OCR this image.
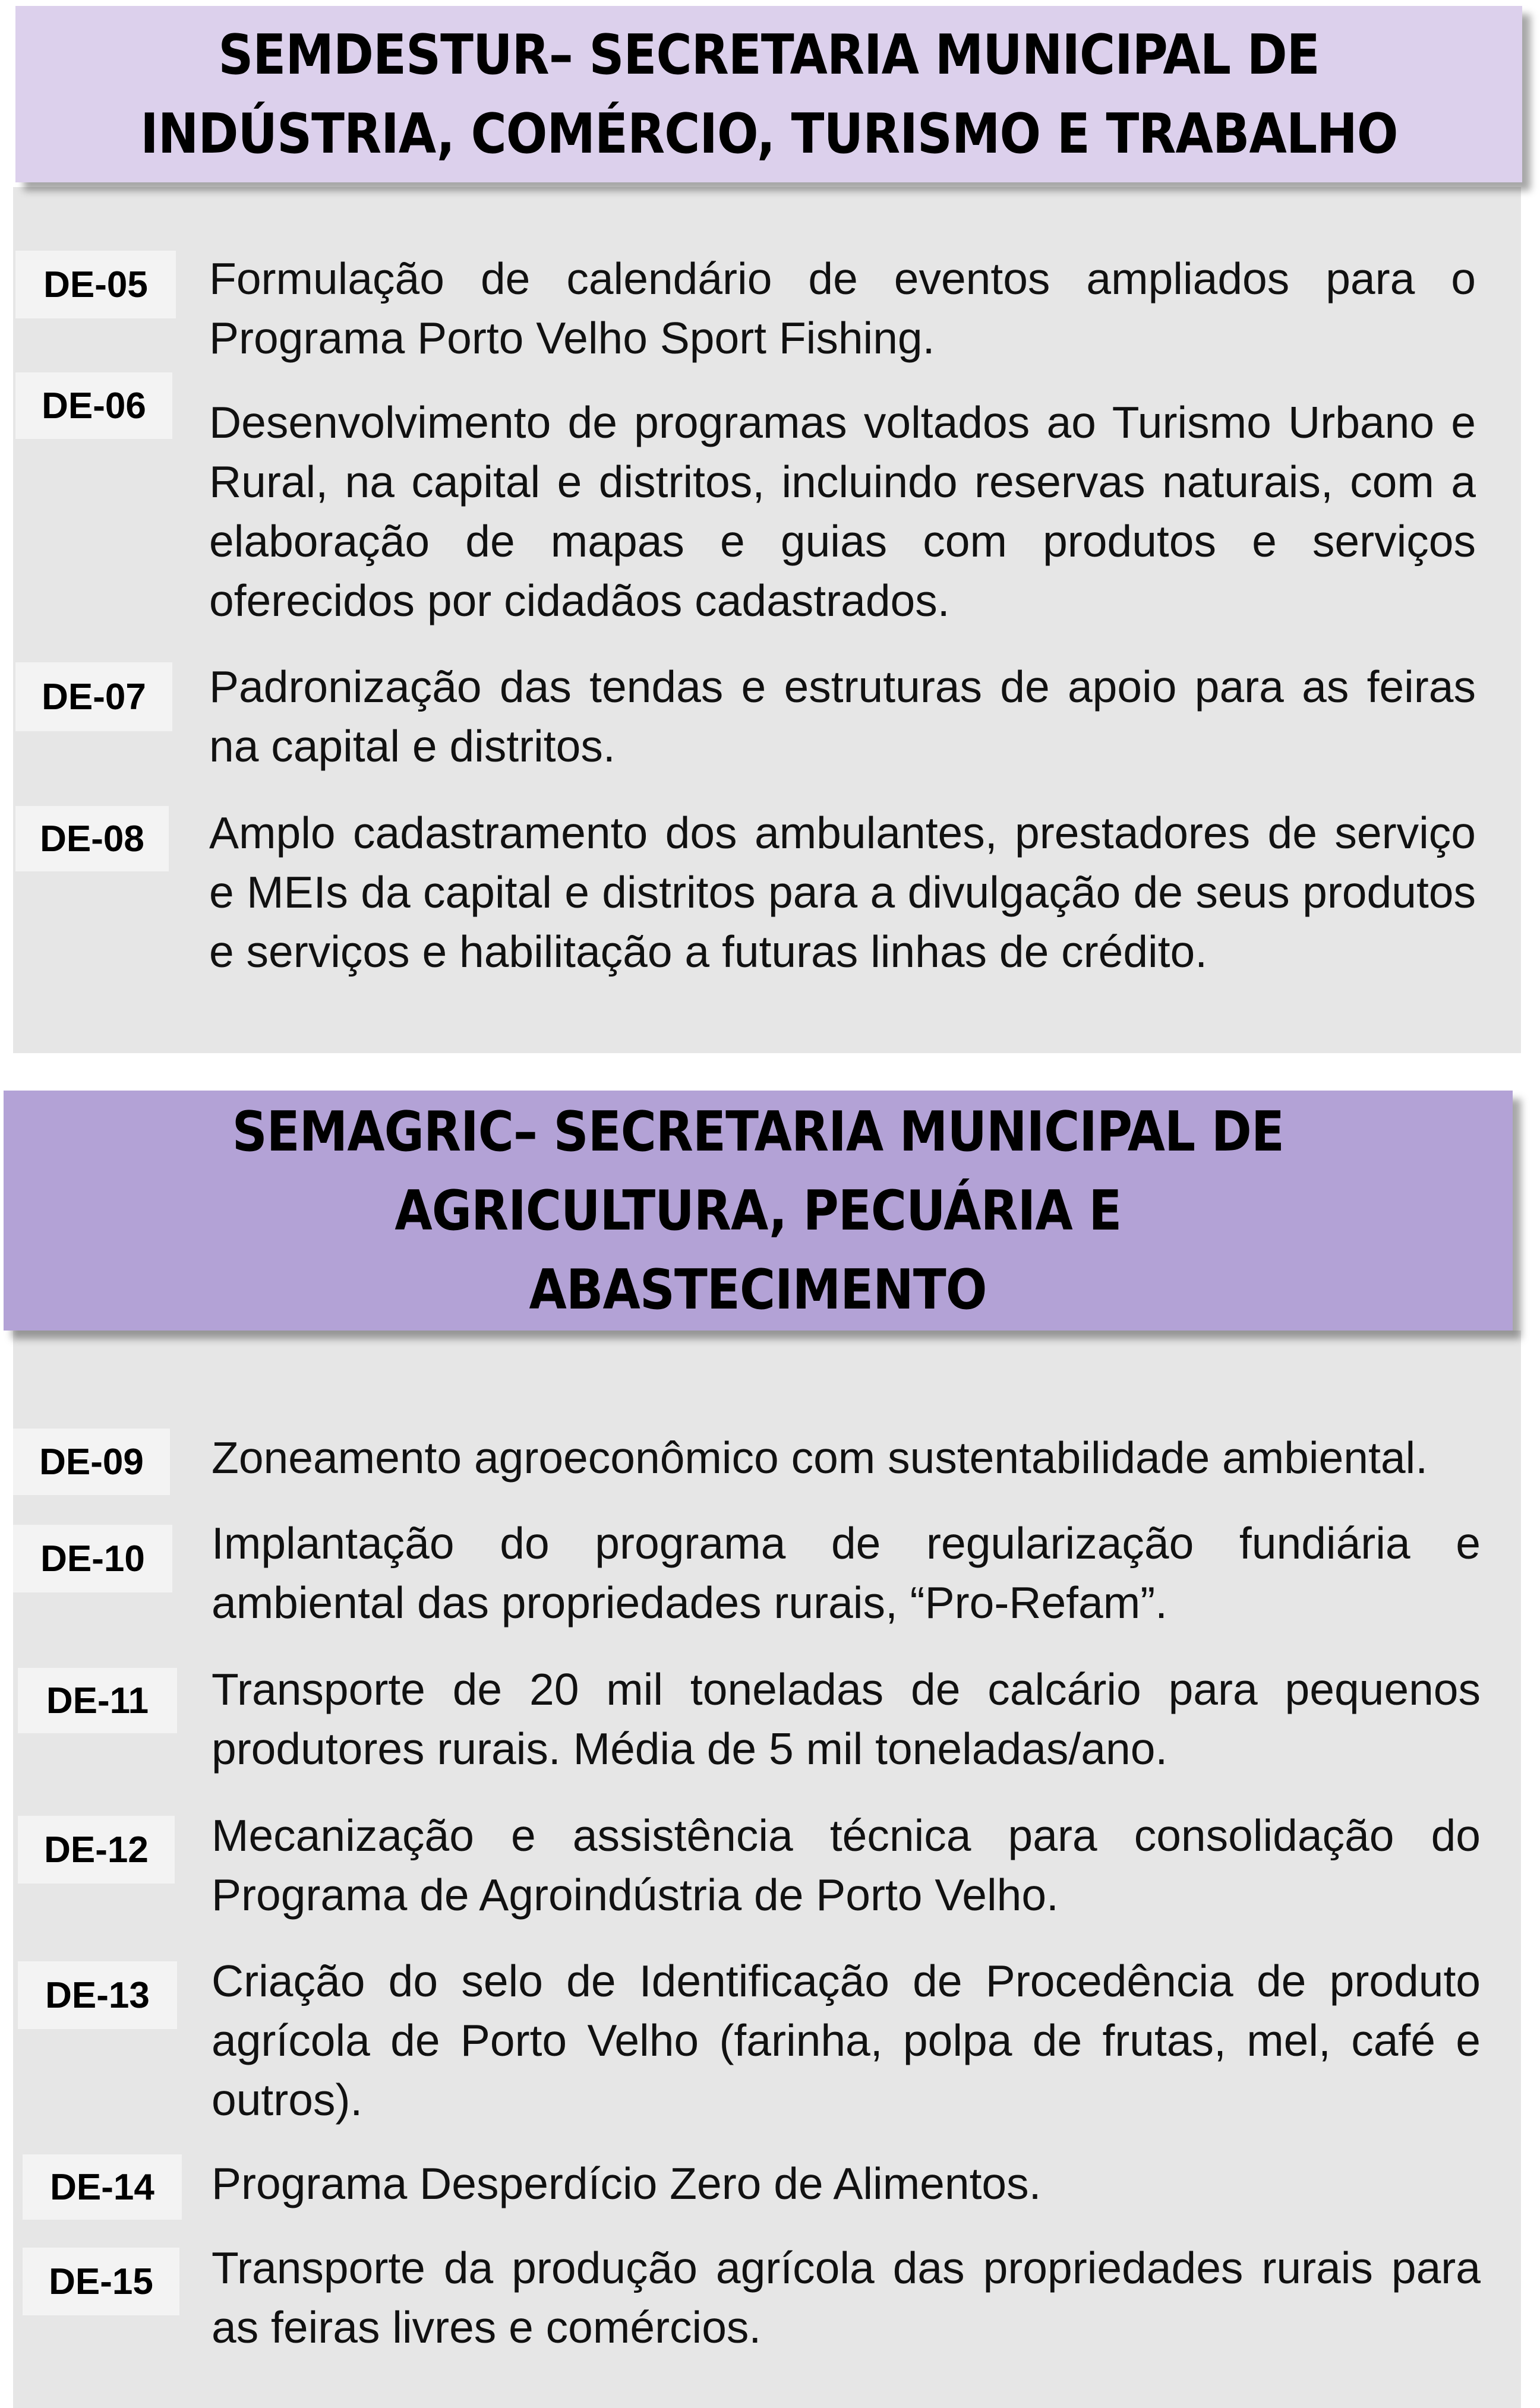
SEMDESTUR– SECRETARIA MUNICIPAL DE
INDÚSTRIA, COMÉRCIO, TURISMO E TRABALHO
DE-05	Formulação de calendário de eventos ampliados para o Programa Porto Velho Sport Fishing.
DE-06	Desenvolvimento de programas voltados ao Turismo Urbano e Rural, na capital e distritos, incluindo reservas naturais, com a elaboração de mapas e guias com produtos e serviços oferecidos por cidadãos cadastrados.
DE-07	Padronização das tendas e estruturas de apoio para as feiras na capital e distritos.
DE-08	Amplo cadastramento dos ambulantes, prestadores de serviço e MEIs da capital e distritos para a divulgação de seus produtos e serviços e habilitação a futuras linhas de crédito.
SEMAGRIC– SECRETARIA MUNICIPAL DE
AGRICULTURA, PECUÁRIA E
ABASTECIMENTO
DE-09	Zoneamento agroeconômico com sustentabilidade ambiental.
DE-10	Implantação do programa de regularização fundiária e ambiental das propriedades rurais, “Pro-Refam”.
DE-11	Transporte de 20 mil toneladas de calcário para pequenos produtores rurais. Média de 5 mil toneladas/ano.
DE-12	Mecanização e assistência técnica para consolidação do Programa de Agroindústria de Porto Velho.
DE-13	Criação do selo de Identificação de Procedência de produto agrícola de Porto Velho (farinha, polpa de frutas, mel, café e outros).
DE-14	Programa Desperdício Zero de Alimentos.
DE-15	Transporte da produção agrícola das propriedades rurais para as feiras livres e comércios.
